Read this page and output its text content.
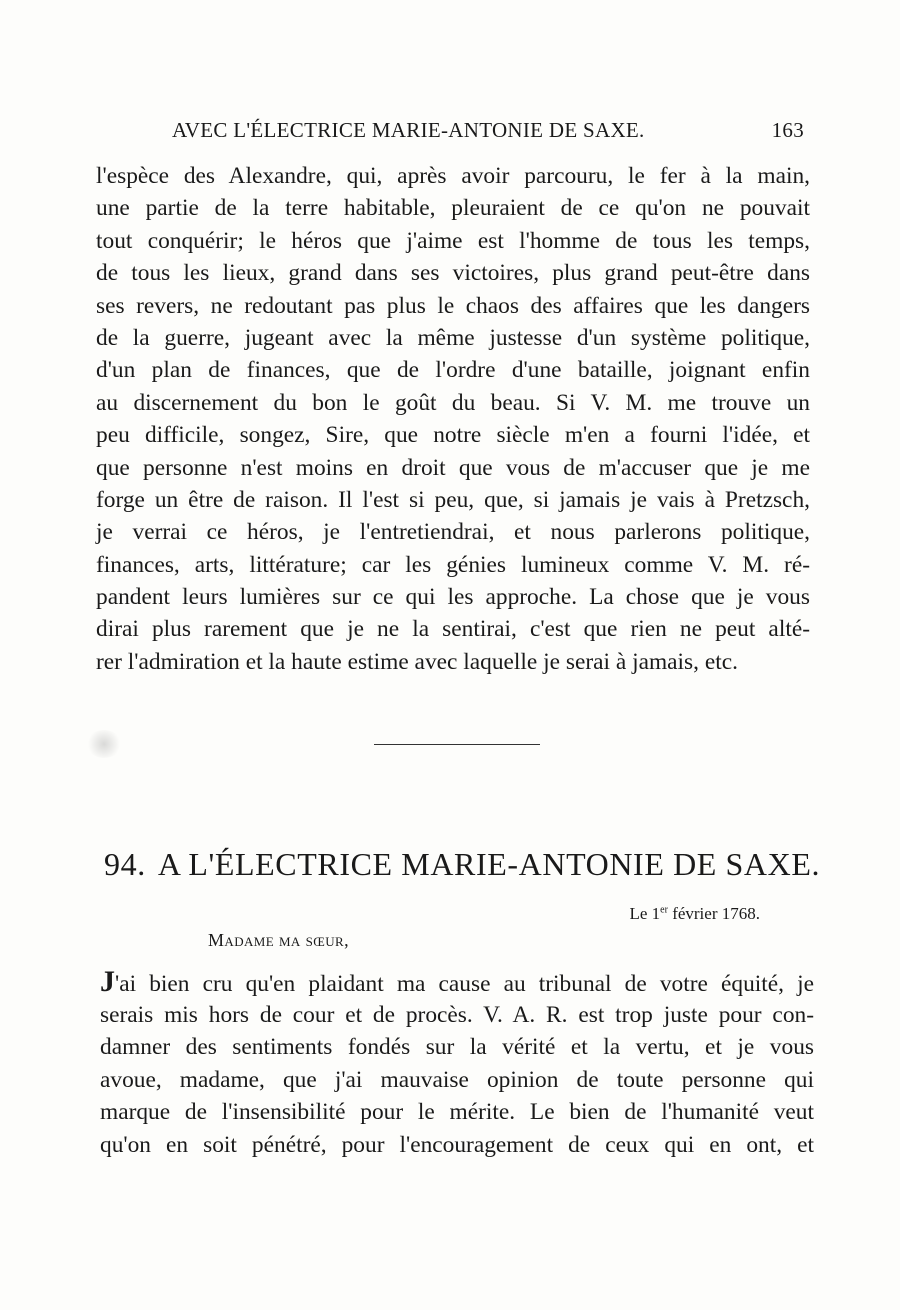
AVEC L'ÉLECTRICE MARIE-ANTONIE DE SAXE.	163
l'espèce des Alexandre, qui, après avoir parcouru, le fer à la main,
une partie de la terre habitable, pleuraient de ce qu'on ne pouvait
tout conquérir; le héros que j'aime est l'homme de tous les temps,
de tous les lieux, grand dans ses victoires, plus grand peut-être dans
ses revers, ne redoutant pas plus le chaos des affaires que les dangers
de la guerre, jugeant avec la même justesse d'un système politique,
d'un plan de finances, que de l'ordre d'une bataille, joignant enfin
au discernement du bon le goût du beau. Si V. M. me trouve un
peu difficile, songez, Sire, que notre siècle m'en a fourni l'idée, et
que personne n'est moins en droit que vous de m'accuser que je me
forge un être de raison. Il l'est si peu, que, si jamais je vais à Pretzsch,
je verrai ce héros, je l'entretiendrai, et nous parlerons politique,
finances, arts, littérature; car les génies lumineux comme V. M. ré-
pandent leurs lumières sur ce qui les approche. La chose que je vous
dirai plus rarement que je ne la sentirai, c'est que rien ne peut alté-
rer l'admiration et la haute estime avec laquelle je serai à jamais, etc.
94. A L'ÉLECTRICE MARIE-ANTONIE DE SAXE.
Le 1er février 1768.
Madame ma sœur,
J'ai bien cru qu'en plaidant ma cause au tribunal de votre équité, je
serais mis hors de cour et de procès. V. A. R. est trop juste pour con-
damner des sentiments fondés sur la vérité et la vertu, et je vous
avoue, madame, que j'ai mauvaise opinion de toute personne qui
marque de l'insensibilité pour le mérite. Le bien de l'humanité veut
qu'on en soit pénétré, pour l'encouragement de ceux qui en ont, et
